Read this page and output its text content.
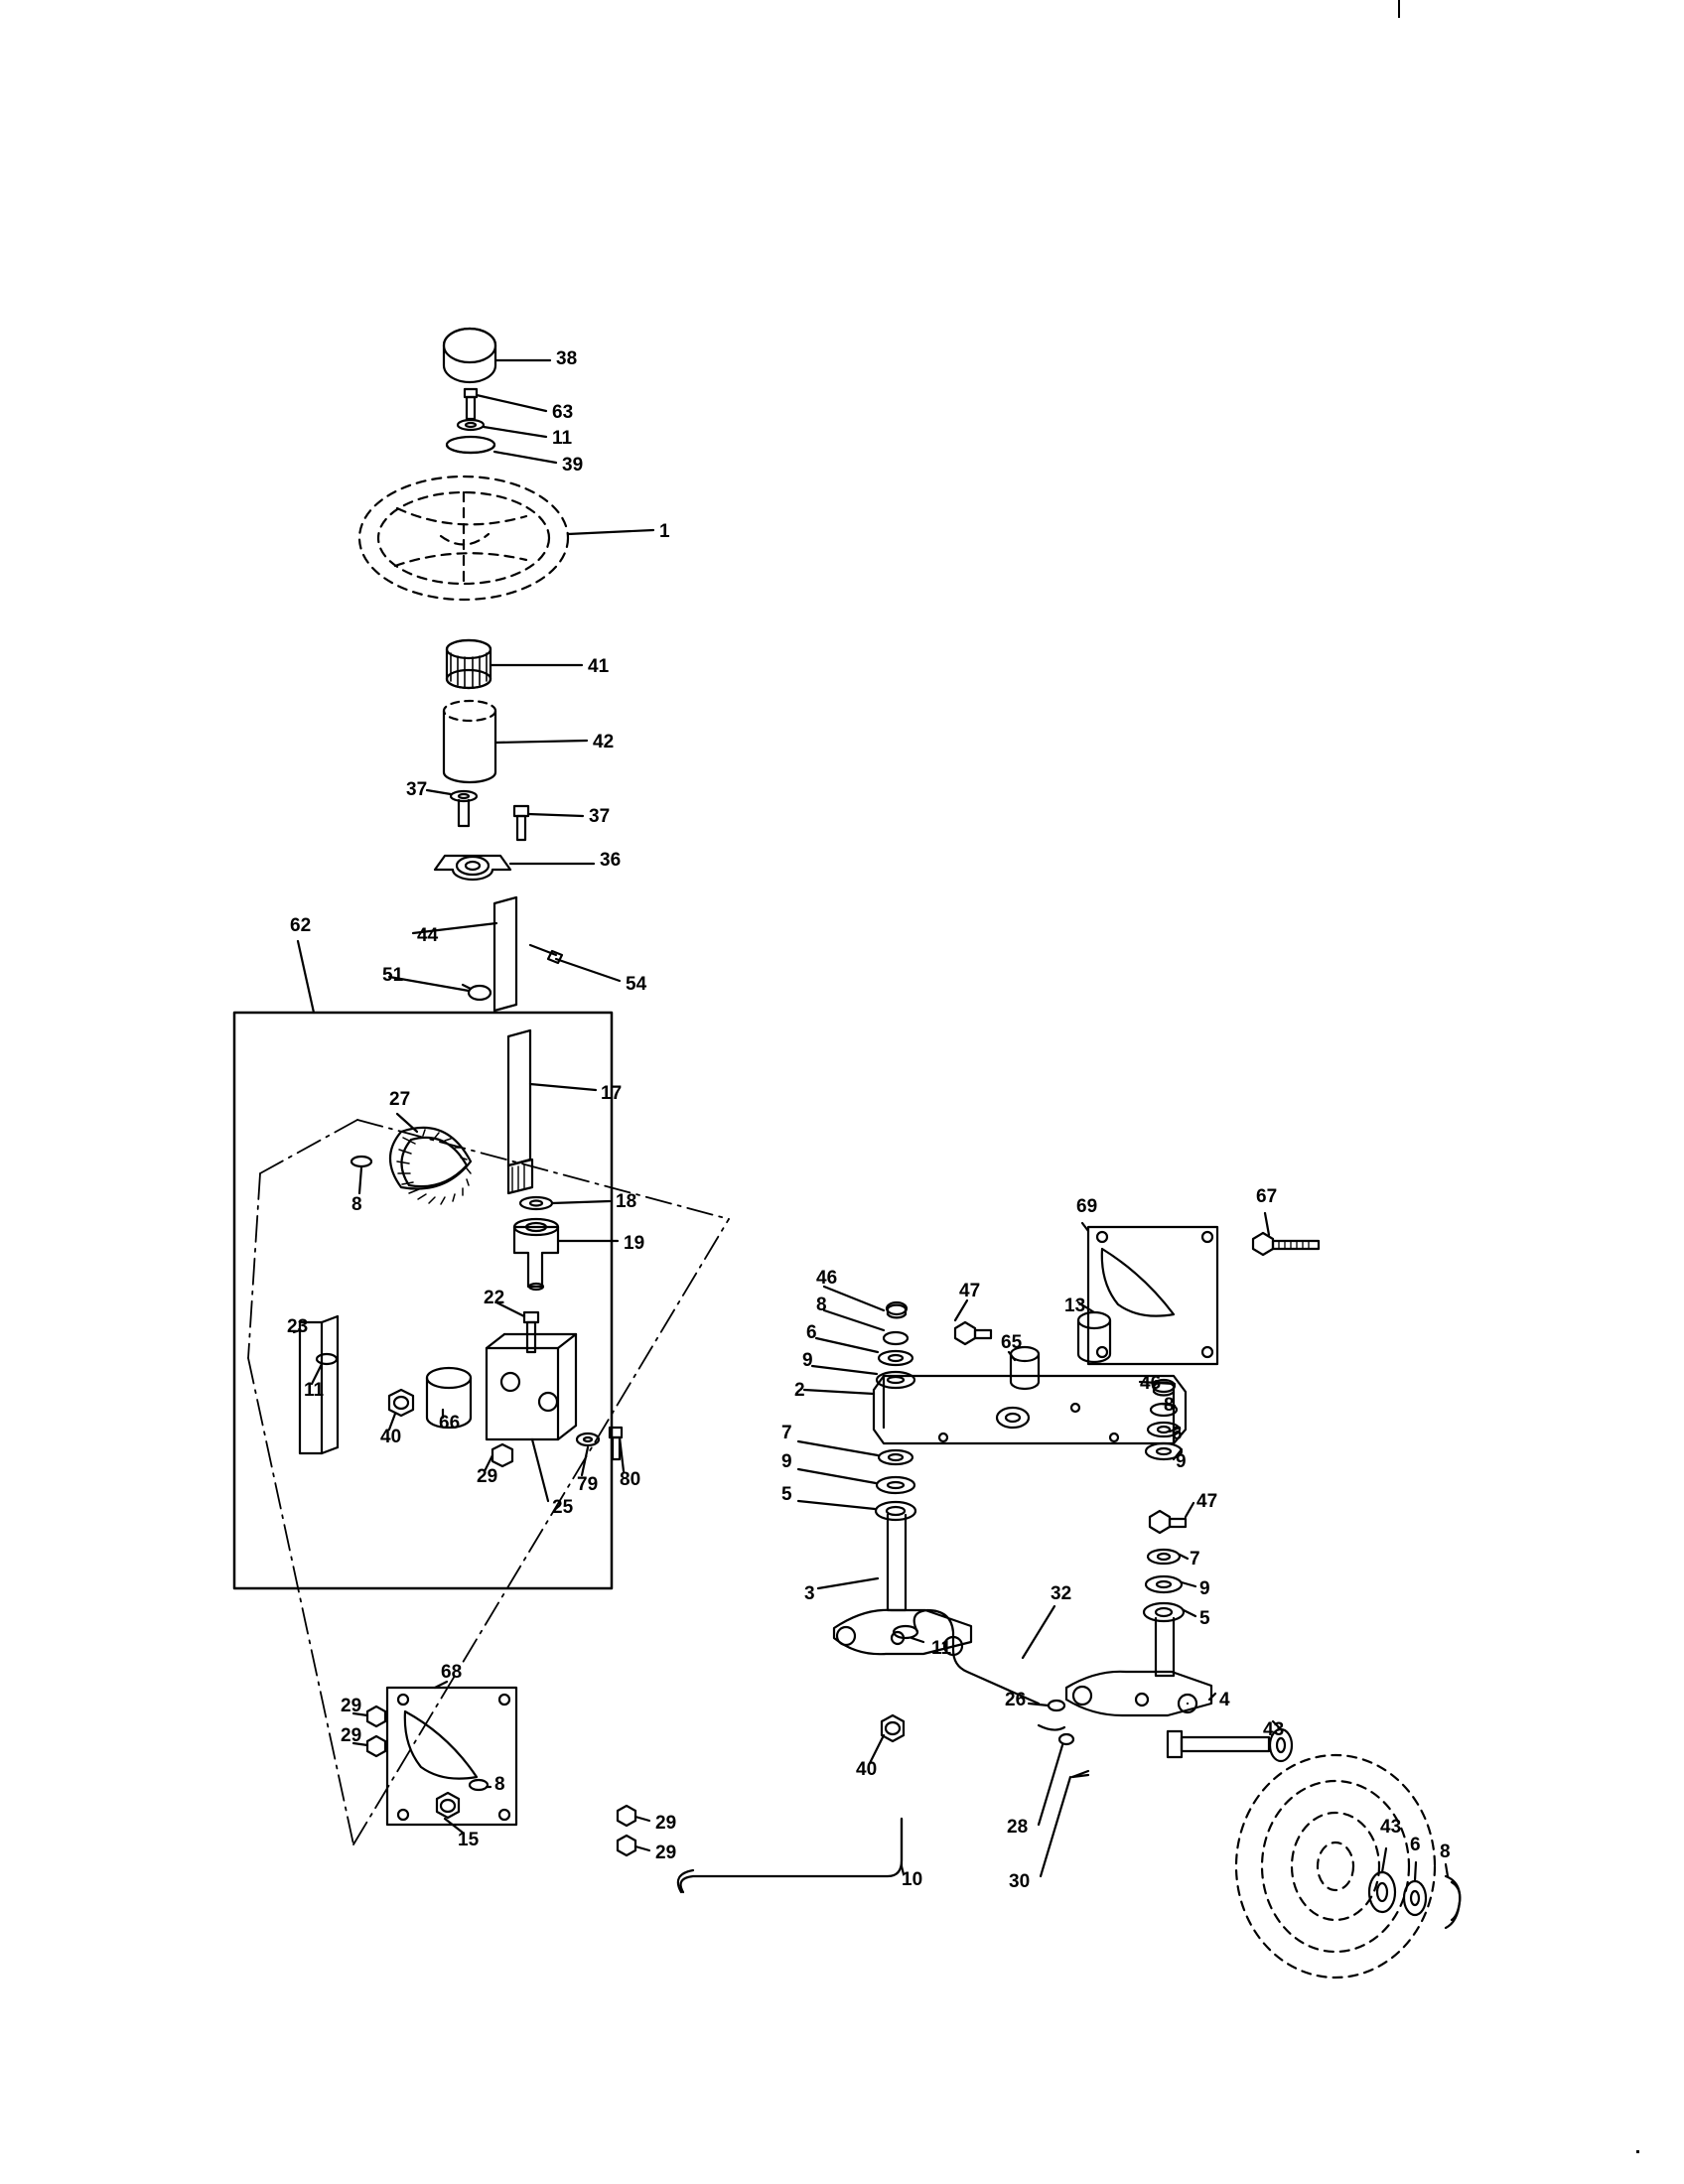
38
63
11
39
1
41
42
37
37
36
62	44
51	54
17
27
8	18
19
22
23
11
40
66
29
25
79 80
46
8
6
9
47
69	67
13
65
46
8
6
9
2
7
9
5	47
7
9
5
3
11
32
4
26
43
68
29
29
8
15
29
29
40
10
28
30
43
6 8
